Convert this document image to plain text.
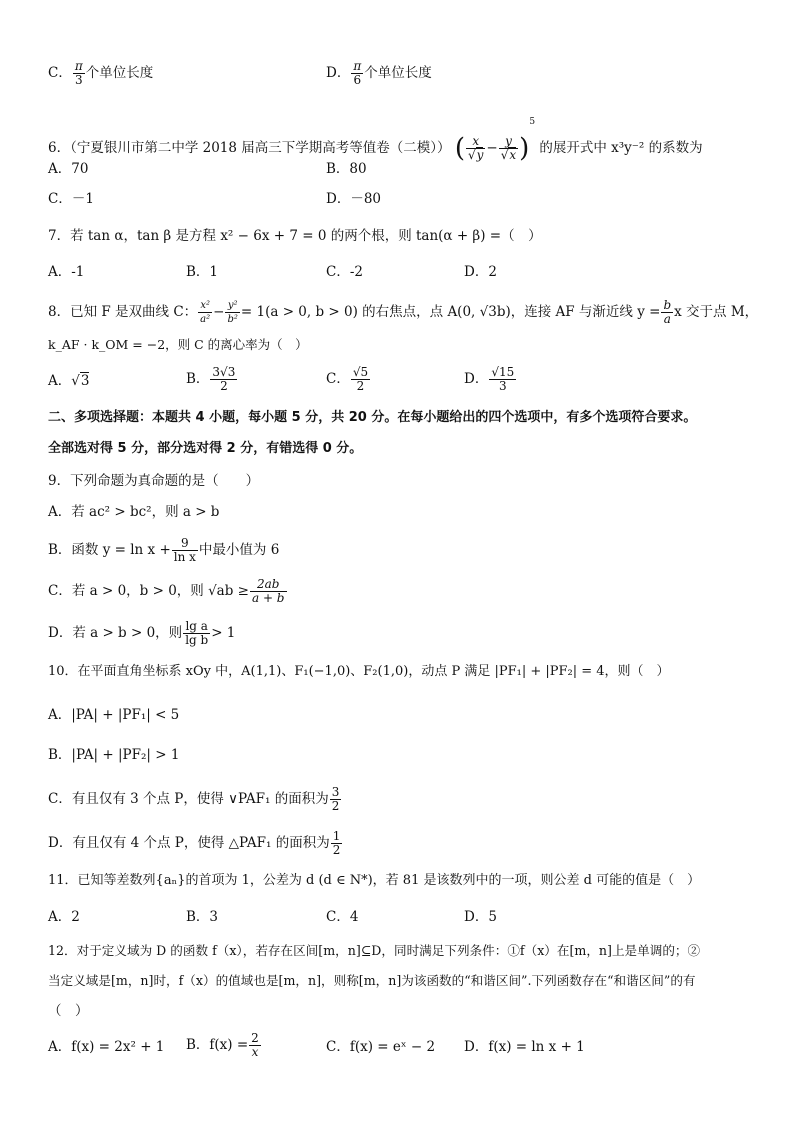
C． $\frac{\pi}{3}$ 个单位长度	D． $\frac{\pi}{6}$ 个单位长度
6．（宁夏银川市第二中学 2018 届高三下学期高考等值卷（二模）） ( $\frac{x}{√y} - \frac{y}{√x} )^5$ 的展开式中 x³y⁻² 的系数为
A．70	B．80
C．－1	D．－80
7．若 tan α，tan β 是方程 x² − 6x + 7 = 0 的两个根，则 tan(α + β) =（　）
A．-1	B．1	C．-2	D．2
8．已知 F 是双曲线 C： $\frac{\text{x²}}{\text{a²}} - \frac{\text{y²}}{\text{b²}} = 1(a > 0$, b > 0) 的右焦点，点 A(0, √3b)，连接 AF 与渐近线 $y = \frac{b}{a}$ x 交于点 M，
k_AF · k_OM = −2，则 C 的离心率为（　）
A．√3	B． $\frac{3√3}{2}$	C． $\frac{√5}{2}$	D． $\frac{√15}{3}$
二、多项选择题：本题共 4 小题，每小题 5 分，共 20 分。在每小题给出的四个选项中，有多个选项符合要求。
全部选对得 5 分，部分选对得 2 分，有错选得 0 分。
9．下列命题为真命题的是（　　）
A．若 ac² > bc²，则 a > b
B．函数 $y = \ln x + \frac{9}{\text{ln x}}$ 中最小值为 6
C．若 a > 0，b > 0，则 $√ab \ge \frac{2ab}{a + b}$
D．若 a > b > 0，则 $\frac{\text{lg a}}{\text{lg b}} > 1$
10．在平面直角坐标系 xOy 中，A(1,1)、F₁(−1,0)、F₂(1,0)，动点 P 满足 |PF₁| + |PF₂| = 4，则（　）
A．|PA| + |PF₁| < 5
B．|PA| + |PF₂| > 1
C．有且仅有 3 个点 P，使得 ∨PAF₁ 的面积为 $\frac{3}{2}$
D．有且仅有 4 个点 P，使得 △PAF₁ 的面积为 $\frac{1}{2}$
11．已知等差数列{aₙ}的首项为 1，公差为 d (d ∈ N*)，若 81 是该数列中的一项，则公差 d 可能的值是（　）
A．2	B．3	C．4	D．5
12．对于定义域为 D 的函数 f（x），若存在区间[m，n]⊆D，同时满足下列条件：①f（x）在[m，n]上是单调的；②
当定义域是[m，n]时，f（x）的值域也是[m，n]，则称[m，n]为该函数的“和谐区间”.下列函数存在“和谐区间”的有
（　）
A．f(x) = 2x² + 1 B．$f(x) = \frac{2}{x}$	C．f(x) = eˣ − 2 D．f(x) = ln x + 1
